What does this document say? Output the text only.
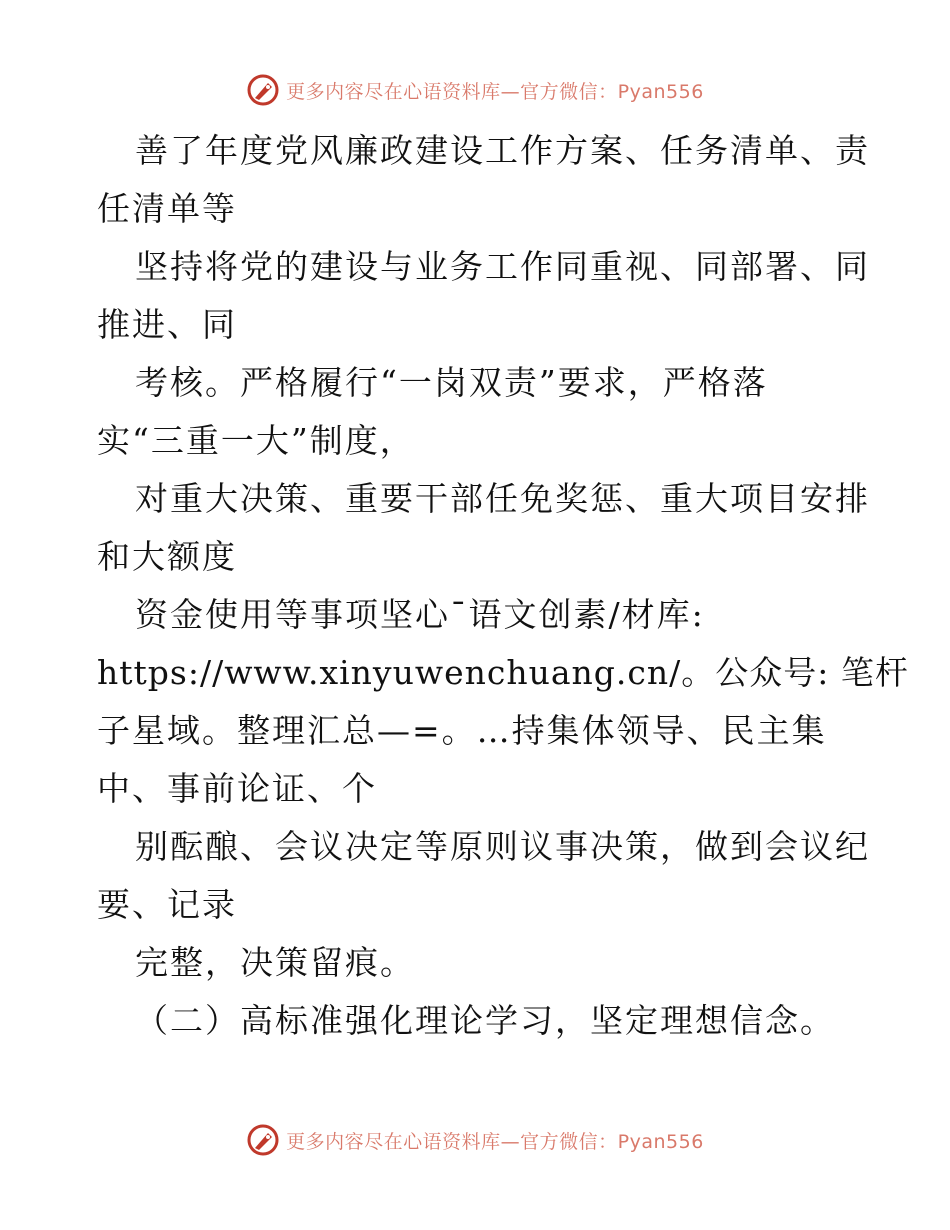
更多内容尽在心语资料库—官方微信：Pyan556
善了年度党风廉政建设工作方案、任务清单、责
任清单等
坚持将党的建设与业务工作同重视、同部署、同
推进、同
考核。严格履行“一岗双责”要求，严格落
实“三重一大”制度，
对重大决策、重要干部任免奖惩、重大项目安排
和大额度
资金使用等事项坚心¯语文创素/材库:
https://www.xinyuwenchuang.cn/。公众号: 笔杆
子星域。整理汇总—=。…持集体领导、民主集
中、事前论证、个
别酝酿、会议决定等原则议事决策，做到会议纪
要、记录
完整，决策留痕。
（二）高标准强化理论学习，坚定理想信念。
更多内容尽在心语资料库—官方微信：Pyan556
